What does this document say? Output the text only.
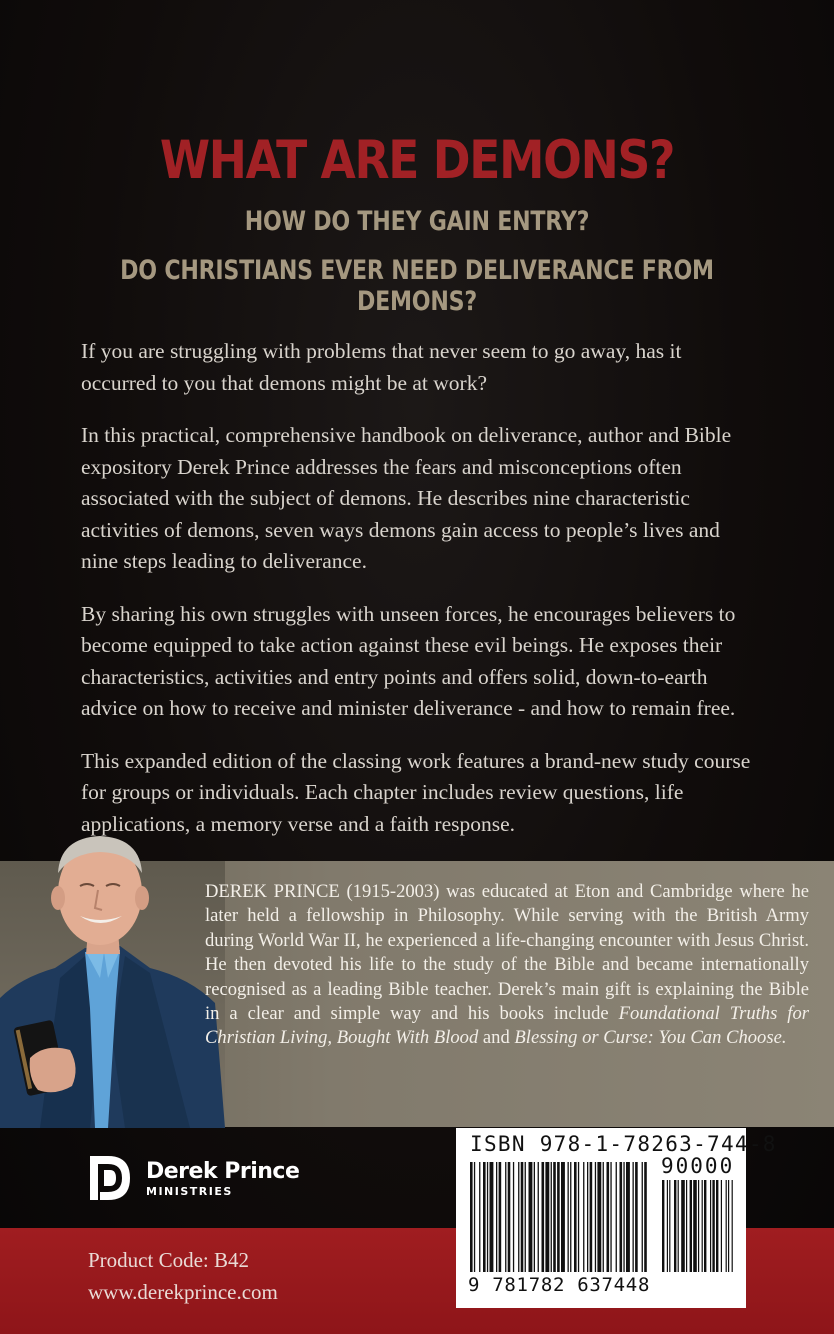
WHAT ARE DEMONS?
HOW DO THEY GAIN ENTRY?
DO CHRISTIANS EVER NEED DELIVERANCE FROM DEMONS?

If you are struggling with problems that never seem to go away, has it occurred to you that demons might be at work?

In this practical, comprehensive handbook on deliverance, author and Bible expository Derek Prince addresses the fears and misconceptions often associated with the subject of demons. He describes nine characteristic activities of demons, seven ways demons gain access to people’s lives and nine steps leading to deliverance.

By sharing his own struggles with unseen forces, he encourages believers to become equipped to take action against these evil beings. He exposes their characteristics, activities and entry points and offers solid, down-to-earth advice on how to receive and minister deliverance - and how to remain free.

This expanded edition of the classing work features a brand-new study course for groups or individuals. Each chapter includes review questions, life applications, a memory verse and a faith response.

DEREK PRINCE (1915-2003) was educated at Eton and Cambridge where he later held a fellowship in Philosophy. While serving with the British Army during World War II, he experienced a life-changing encounter with Jesus Christ. He then devoted his life to the study of the Bible and became internationally recognised as a leading Bible teacher. Derek’s main gift is explaining the Bible in a clear and simple way and his books include Foundational Truths for Christian Living, Bought With Blood and Blessing or Curse: You Can Choose.
Derek Prince
MINISTRIES
Product Code: B42
www.derekprince.com
ISBN 978-1-78263-744-8
90000
9 781782 637448
